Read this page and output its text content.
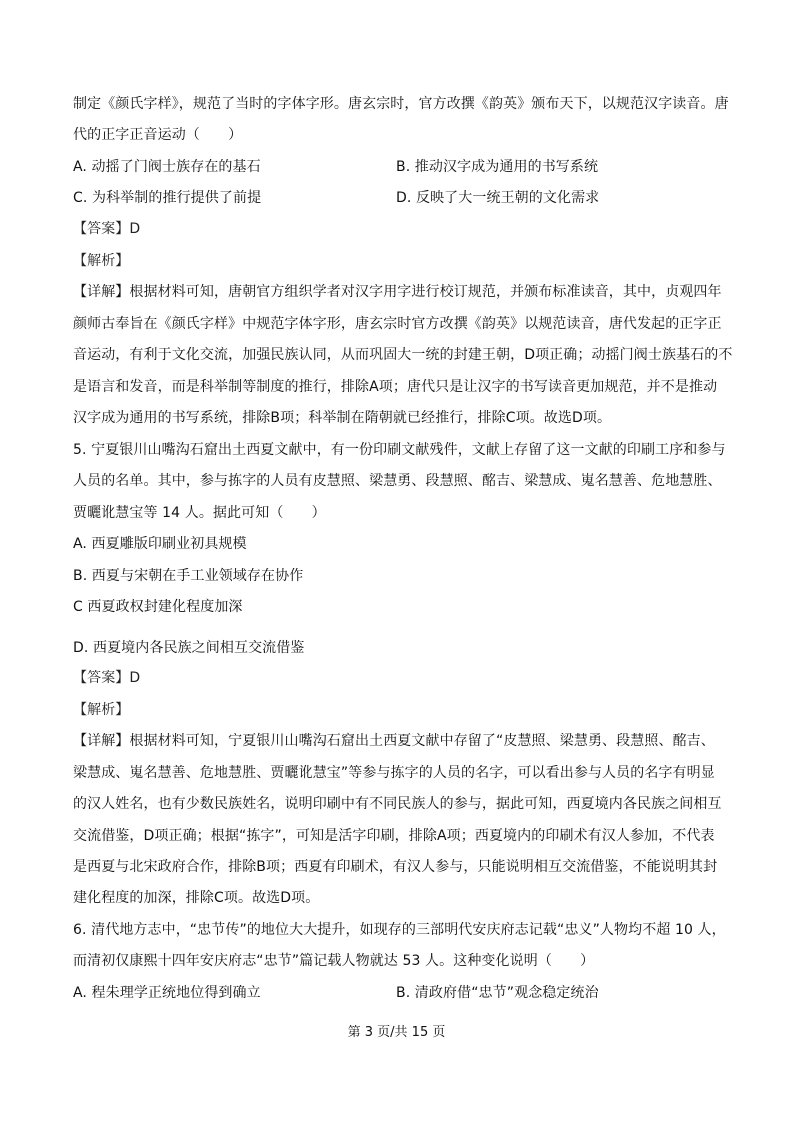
制定《颜氏字样》，规范了当时的字体字形。唐玄宗时，官方改撰《韵英》颁布天下，以规范汉字读音。唐
代的正字正音运动（　　）
A. 动摇了门阀士族存在的基石	B. 推动汉字成为通用的书写系统
C. 为科举制的推行提供了前提	D. 反映了大一统王朝的文化需求
【答案】D
【解析】
【详解】根据材料可知，唐朝官方组织学者对汉字用字进行校订规范，并颁布标准读音，其中，贞观四年
颜师古奉旨在《颜氏字样》中规范字体字形，唐玄宗时官方改撰《韵英》以规范读音，唐代发起的正字正
音运动，有利于文化交流，加强民族认同，从而巩固大一统的封建王朝，D项正确；动摇门阀士族基石的不
是语言和发音，而是科举制等制度的推行，排除A项；唐代只是让汉字的书写读音更加规范，并不是推动
汉字成为通用的书写系统，排除B项；科举制在隋朝就已经推行，排除C项。故选D项。
5. 宁夏银川山嘴沟石窟出土西夏文献中，有一份印刷文献残件，文献上存留了这一文献的印刷工序和参与
人员的名单。其中，参与拣字的人员有皮慧照、梁慧勇、段慧照、酩吉、梁慧成、嵬名慧善、危地慧胜、
贾曬讹慧宝等 14 人。据此可知（　　）
A. 西夏雕版印刷业初具规模
B. 西夏与宋朝在手工业领域存在协作
C 西夏政权封建化程度加深
D. 西夏境内各民族之间相互交流借鉴
【答案】D
【解析】
【详解】根据材料可知，宁夏银川山嘴沟石窟出土西夏文献中存留了“皮慧照、梁慧勇、段慧照、酩吉、
梁慧成、嵬名慧善、危地慧胜、贾曬讹慧宝”等参与拣字的人员的名字，可以看出参与人员的名字有明显
的汉人姓名，也有少数民族姓名，说明印刷中有不同民族人的参与，据此可知，西夏境内各民族之间相互
交流借鉴，D项正确；根据“拣字”，可知是活字印刷，排除A项；西夏境内的印刷术有汉人参加，不代表
是西夏与北宋政府合作，排除B项；西夏有印刷术，有汉人参与，只能说明相互交流借鉴，不能说明其封
建化程度的加深，排除C项。故选D项。
6. 清代地方志中，“忠节传”的地位大大提升，如现存的三部明代安庆府志记载“忠义”人物均不超 10 人，
而清初仅康熙十四年安庆府志“忠节”篇记载人物就达 53 人。这种变化说明（　　）
A. 程朱理学正统地位得到确立	B. 清政府借“忠节”观念稳定统治
第 3 页/共 15 页
